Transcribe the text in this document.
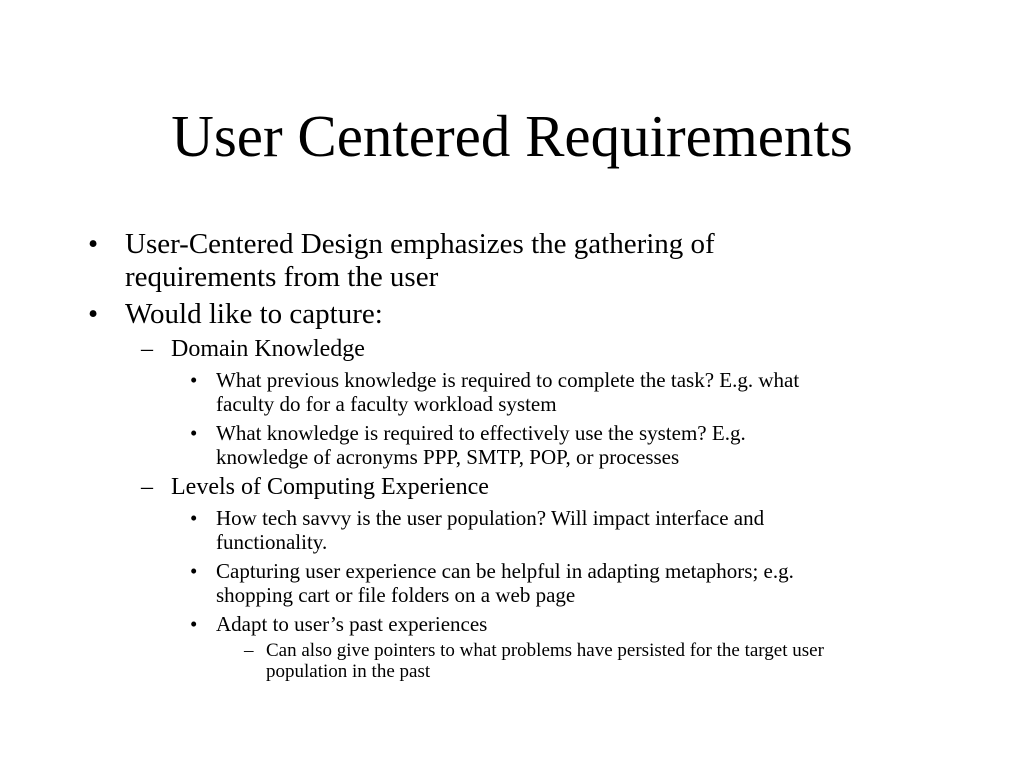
User Centered Requirements
• User-Centered Design emphasizes the gathering of
requirements from the user
• Would like to capture:
– Domain Knowledge
• What previous knowledge is required to complete the task? E.g. what
faculty do for a faculty workload system
• What knowledge is required to effectively use the system? E.g.
knowledge of acronyms PPP, SMTP, POP, or processes
– Levels of Computing Experience
• How tech savvy is the user population? Will impact interface and
functionality.
• Capturing user experience can be helpful in adapting metaphors; e.g.
shopping cart or file folders on a web page
• Adapt to user’s past experiences
– Can also give pointers to what problems have persisted for the target user
population in the past
